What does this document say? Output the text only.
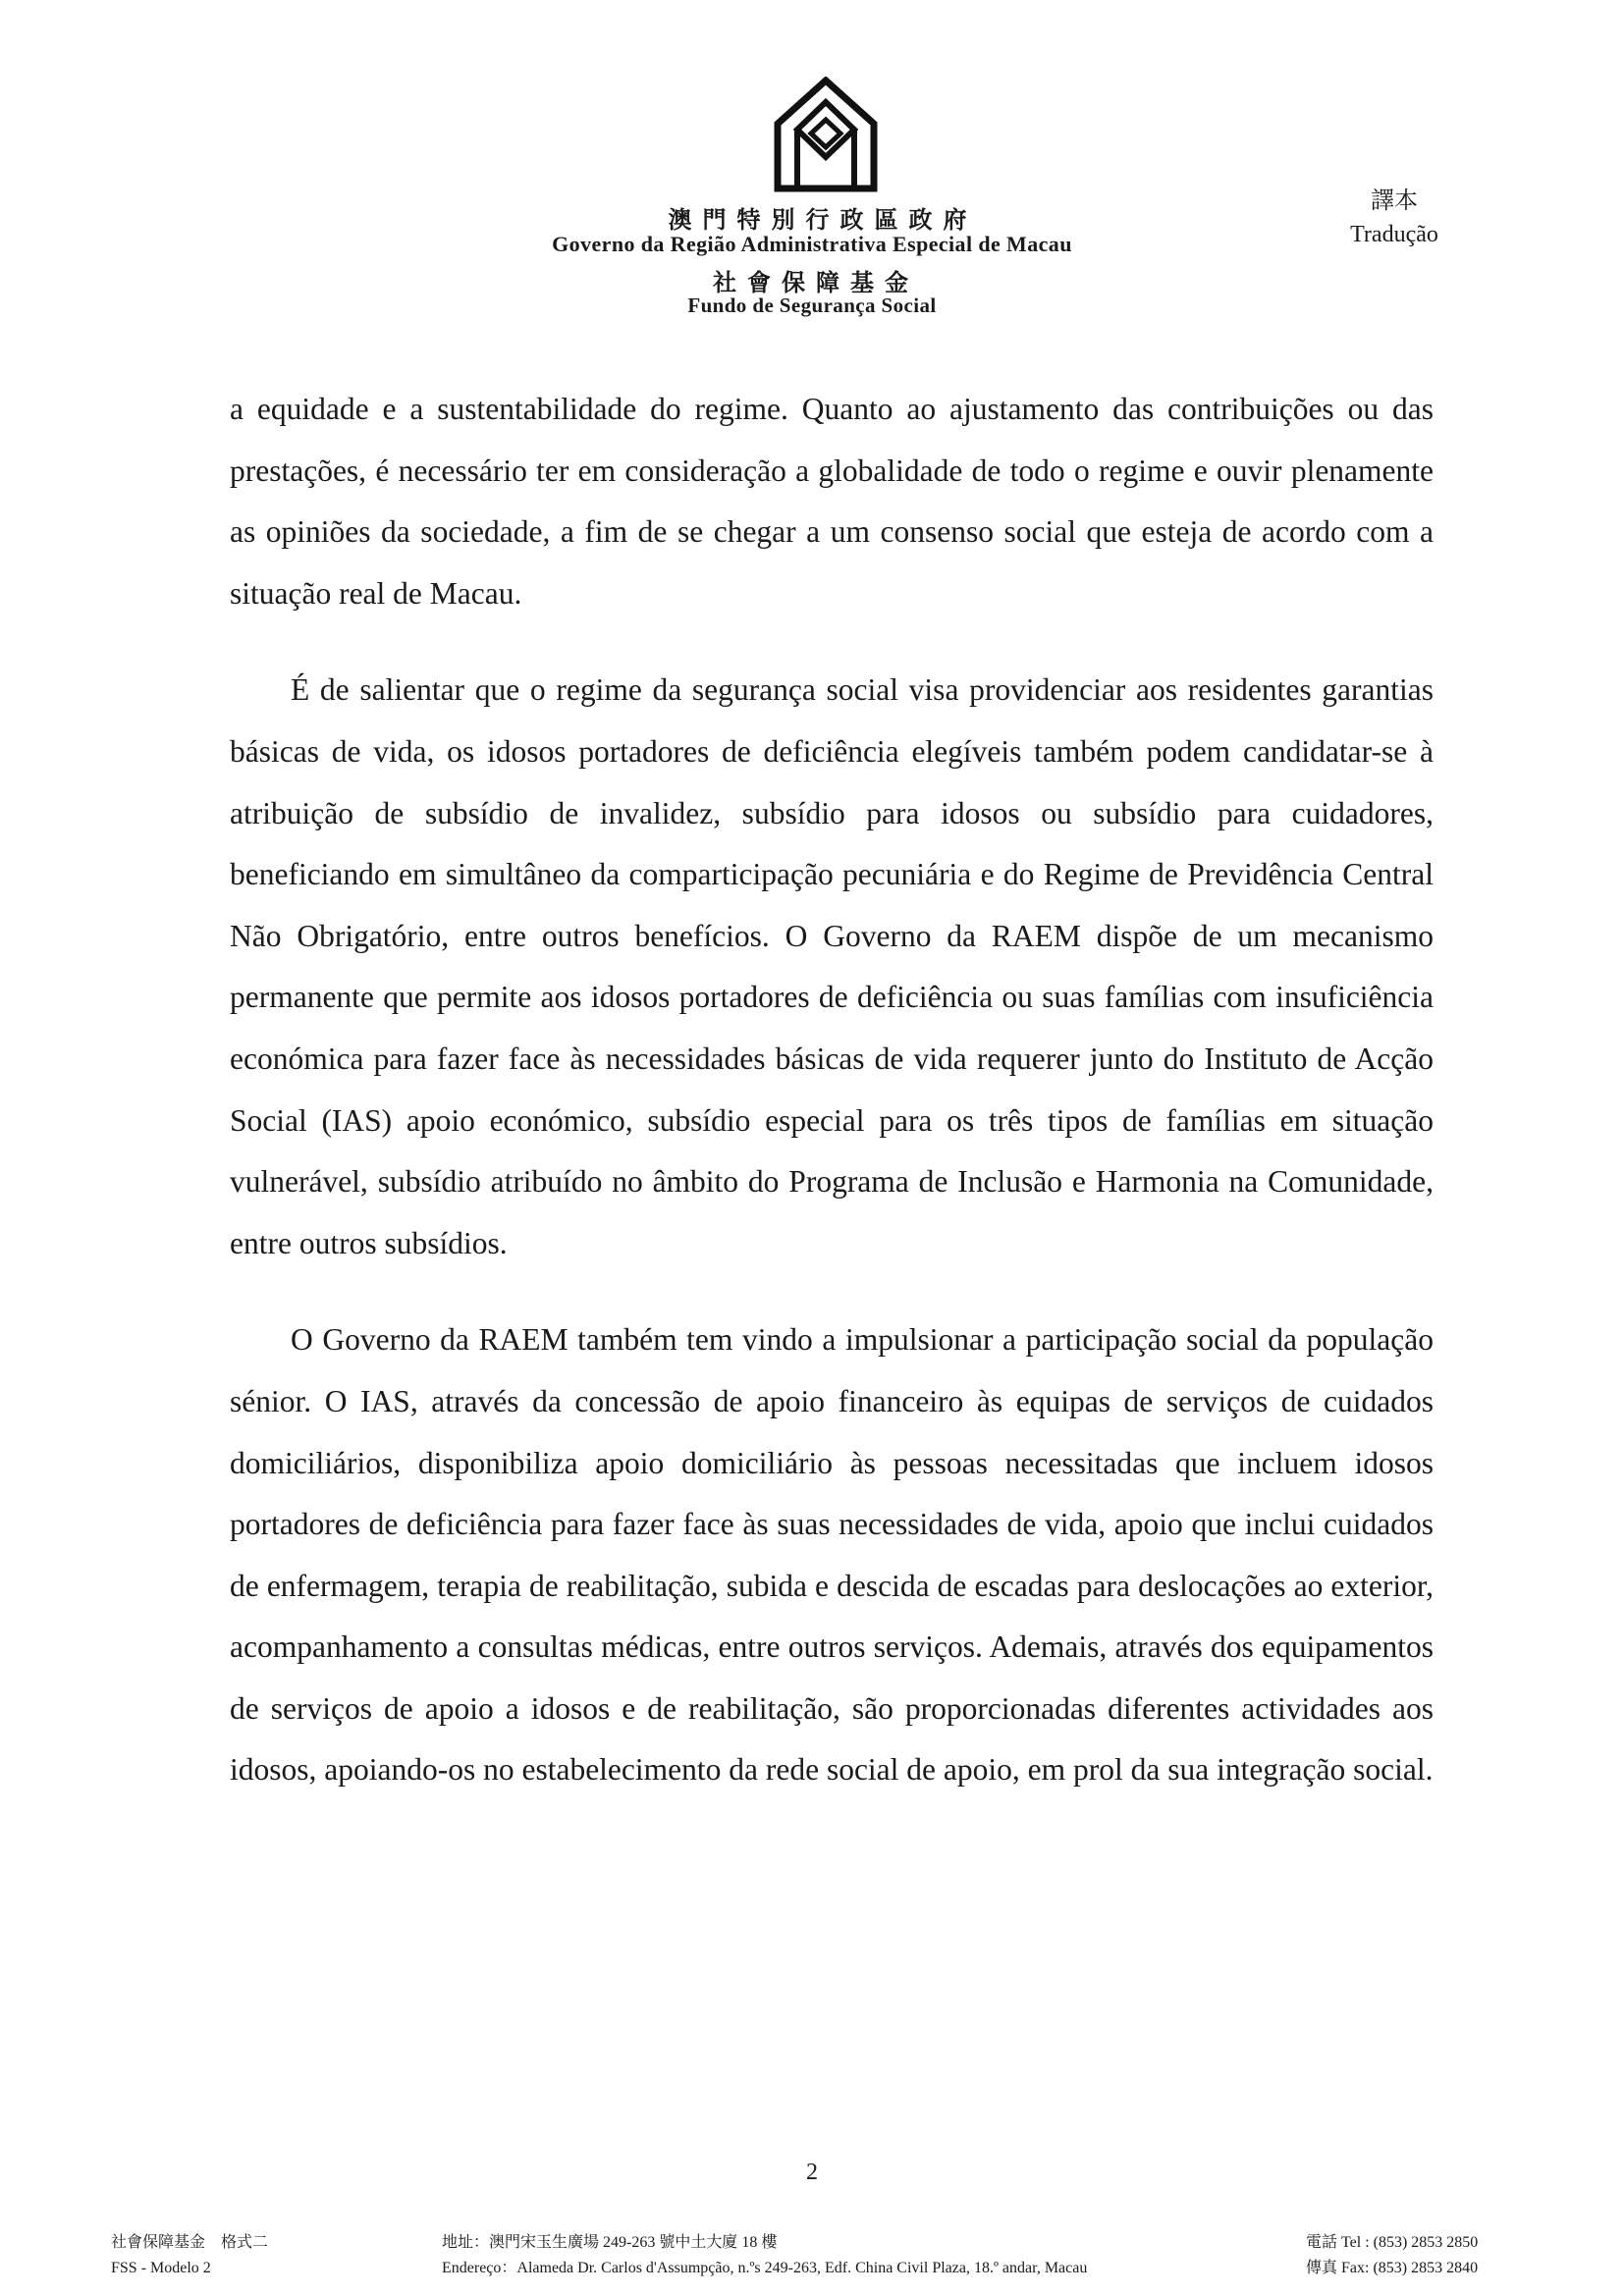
澳門特別行政區政府
Governo da Região Administrativa Especial de Macau
社會保障基金
Fundo de Segurança Social
譯本
Tradução

a equidade e a sustentabilidade do regime. Quanto ao ajustamento das contribuições ou das prestações, é necessário ter em consideração a globalidade de todo o regime e ouvir plenamente as opiniões da sociedade, a fim de se chegar a um consenso social que esteja de acordo com a situação real de Macau.

É de salientar que o regime da segurança social visa providenciar aos residentes garantias básicas de vida, os idosos portadores de deficiência elegíveis também podem candidatar-se à atribuição de subsídio de invalidez, subsídio para idosos ou subsídio para cuidadores, beneficiando em simultâneo da comparticipação pecuniária e do Regime de Previdência Central Não Obrigatório, entre outros benefícios. O Governo da RAEM dispõe de um mecanismo permanente que permite aos idosos portadores de deficiência ou suas famílias com insuficiência económica para fazer face às necessidades básicas de vida requerer junto do Instituto de Acção Social (IAS) apoio económico, subsídio especial para os três tipos de famílias em situação vulnerável, subsídio atribuído no âmbito do Programa de Inclusão e Harmonia na Comunidade, entre outros subsídios.

O Governo da RAEM também tem vindo a impulsionar a participação social da população sénior. O IAS, através da concessão de apoio financeiro às equipas de serviços de cuidados domiciliários, disponibiliza apoio domiciliário às pessoas necessitadas que incluem idosos portadores de deficiência para fazer face às suas necessidades de vida, apoio que inclui cuidados de enfermagem, terapia de reabilitação, subida e descida de escadas para deslocações ao exterior, acompanhamento a consultas médicas, entre outros serviços. Ademais, através dos equipamentos de serviços de apoio a idosos e de reabilitação, são proporcionadas diferentes actividades aos idosos, apoiando-os no estabelecimento da rede social de apoio, em prol da sua integração social.

2
社會保障基金　格式二
FSS - Modelo 2
地址：澳門宋玉生廣場 249-263 號中土大廈 18 樓
Endereço：Alameda Dr. Carlos d'Assumpção, n.ºs 249-263, Edf. China Civil Plaza, 18.º andar, Macau
電話 Tel : (853) 2853 2850
傳真 Fax: (853) 2853 2840
